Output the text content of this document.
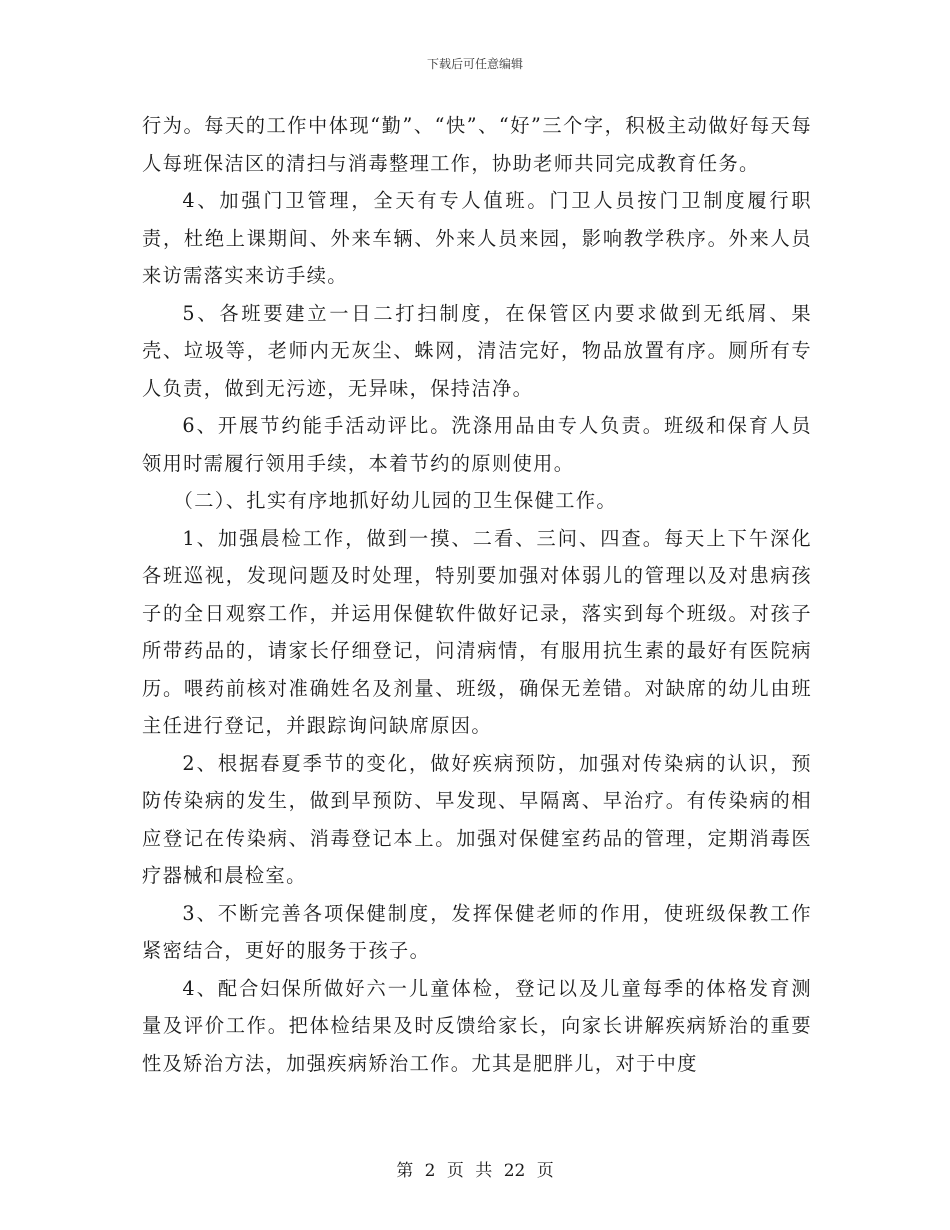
下载后可任意编辑

行为。每天的工作中体现“勤”、“快”、“好”三个字，积极主动做好每天每人每班保洁区的清扫与消毒整理工作，协助老师共同完成教育任务。

4、加强门卫管理，全天有专人值班。门卫人员按门卫制度履行职责，杜绝上课期间、外来车辆、外来人员来园，影响教学秩序。外来人员来访需落实来访手续。

5、各班要建立一日二打扫制度，在保管区内要求做到无纸屑、果壳、垃圾等，老师内无灰尘、蛛网，清洁完好，物品放置有序。厕所有专人负责，做到无污迹，无异味，保持洁净。

6、开展节约能手活动评比。洗涤用品由专人负责。班级和保育人员领用时需履行领用手续，本着节约的原则使用。

（二）、扎实有序地抓好幼儿园的卫生保健工作。

1、加强晨检工作，做到一摸、二看、三问、四查。每天上下午深化各班巡视，发现问题及时处理，特别要加强对体弱儿的管理以及对患病孩子的全日观察工作，并运用保健软件做好记录，落实到每个班级。对孩子所带药品的，请家长仔细登记，问清病情，有服用抗生素的最好有医院病历。喂药前核对准确姓名及剂量、班级，确保无差错。对缺席的幼儿由班主任进行登记，并跟踪询问缺席原因。

2、根据春夏季节的变化，做好疾病预防，加强对传染病的认识，预防传染病的发生，做到早预防、早发现、早隔离、早治疗。有传染病的相应登记在传染病、消毒登记本上。加强对保健室药品的管理，定期消毒医疗器械和晨检室。

3、不断完善各项保健制度，发挥保健老师的作用，使班级保教工作紧密结合，更好的服务于孩子。

4、配合妇保所做好六一儿童体检，登记以及儿童每季的体格发育测量及评价工作。把体检结果及时反馈给家长，向家长讲解疾病矫治的重要性及矫治方法，加强疾病矫治工作。尤其是肥胖儿，对于中度

第 2 页 共 22 页
